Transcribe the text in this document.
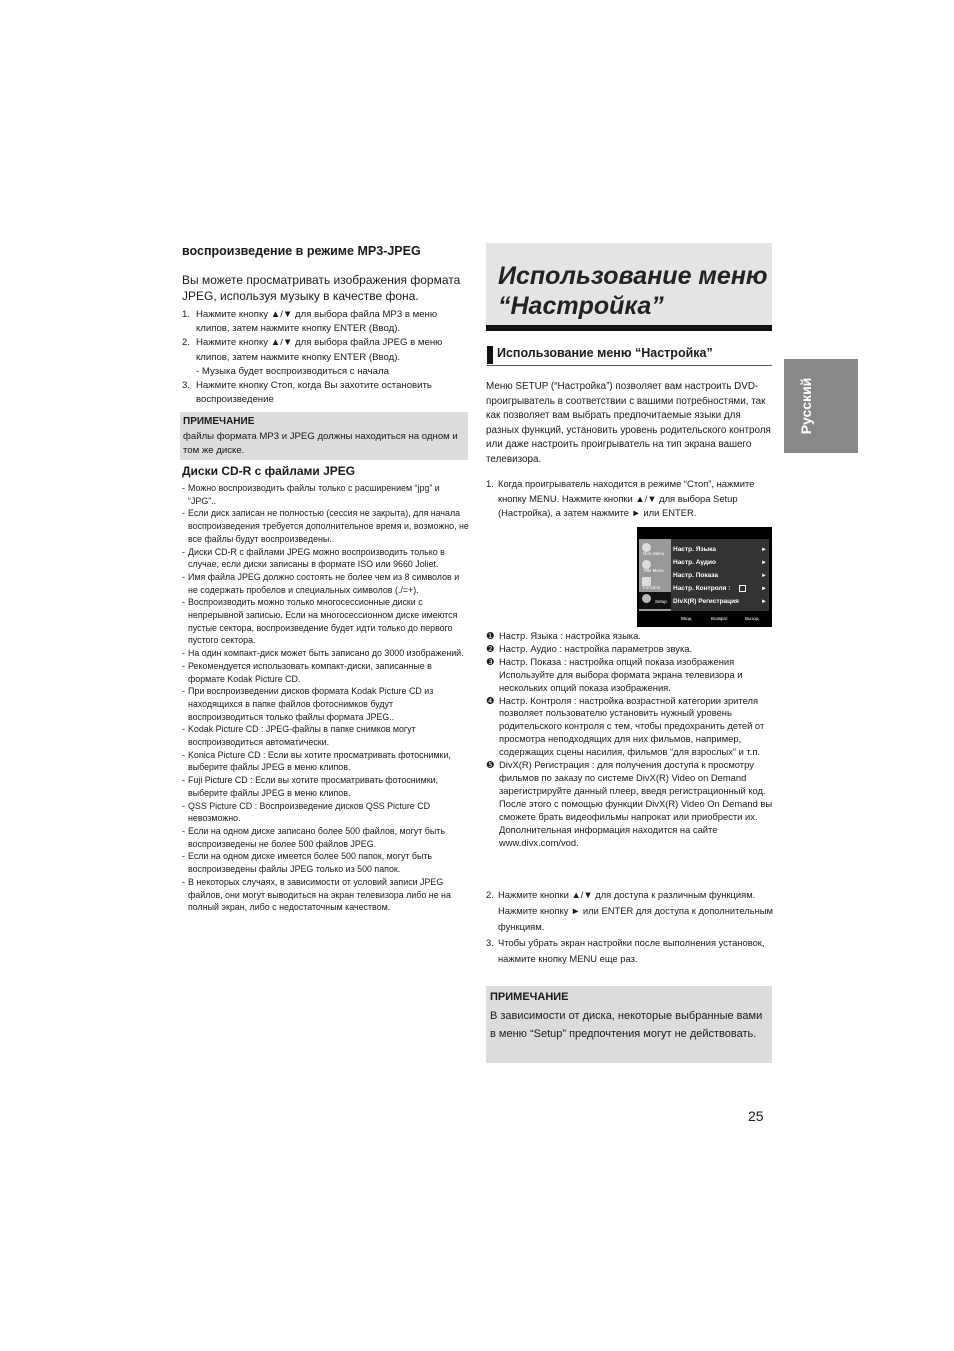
воспроизведение в режиме MP3-JPEG
Вы можете просматривать изображения формата JPEG, используя музыку в качестве фона.
1. Нажмите кнопку ▲/▼ для выбора файла MP3 в меню клипов, затем нажмите кнопку ENTER (Ввод).
2. Нажмите кнопку ▲/▼ для выбора файла JPEG в меню клипов, затем нажмите кнопку ENTER (Ввод).
- Музыка будет воспроизводиться с начала
3. Нажмите кнопку Стоп, когда Вы захотите остановить воспроизведение
ПРИМЕЧАНИЕ
файлы формата MP3 и JPEG должны находиться на одном и том же диске.
Диски CD-R с файлами JPEG
- Можно воспроизводить файлы только с расширением “jpg” и “JPG”..
- Если диск записан не полностью (сессия не закрыта), для начала воспроизведения требуется дополнительное время и, возможно, не все файлы будут воспроизведены..
- Диски CD-R с файлами JPEG можно воспроизводить только в случае, если диски записаны в формате ISO или 9660 Joliet.
- Имя файла JPEG должно состоять не более чем из 8 символов и не содержать пробелов и специальных символов (./=+).
- Воспроизводить можно только многосессионные диски с непрерывной записью. Если на многосессионном диске имеются пустые сектора, воспроизведение будет идти только до первого пустого сектора.
- На один компакт-диск может быть записано до 3000 изображений.
- Рекомендуется использовать компакт-диски, записанные в формате Kodak Picture CD.
- При воспроизведении дисков формата Kodak Picture CD из находящихся в папке файлов фотоснимков будут воспроизводиться только файлы формата JPEG..
- Kodak Picture CD : JPEG-файлы в папке снимков могут воспроизводиться автоматически.
- Konica Picture CD : Если вы хотите просматривать фотоснимки, выберите файлы JPEG в меню клипов.
- Fuji Picture CD : Если вы хотите просматривать фотоснимки, выберите файлы JPEG в меню клипов.
- QSS Picture CD : Воспроизведение дисков QSS Picture CD невозможно.
- Если на одном диске записано более 500 файлов, могут быть воспроизведены не более 500 файлов JPEG.
- Если на одном диске имеется более 500 папок, могут быть воспроизведены файлы JPEG только из 500 папок.
- В некоторых случаях, в зависимости от условий записи JPEG файлов, они могут выводиться на экран телевизора либо не на полный экран, либо с недостаточным качеством.
Использование меню
“Настройка”
Использование меню “Настройка”
Меню SETUP (“Настройка”) позволяет вам настроить DVD-проигрыватель в соответствии с вашими потребностями, так как позволяет вам выбрать предпочитаемые языки для разных функций, установить уровень родительского контроля или даже настроить проигрыватель на тип экрана вашего телевизора.
1. Когда проигрыватель находится в режиме “Стоп”, нажмите кнопку MENU. Нажмите кнопки ▲/▼ для выбора Setup (Настройка), а затем нажмите ► или ENTER.
Disc Menu
Title Menu
Function
Setup
Настр. Языка	►
Настр. Аудио	►
Настр. Показа	►
Настр. Контроля :	►
DivX(R) Регистрация	►
Ввод	Возврат	Выход
❶ Настр. Языка : настройка языка.
❷ Настр. Аудио : настройка параметров звука.
❸ Настр. Показа : настройка опций показа изображения Используйте для выбора формата экрана телевизора и нескольких опций показа изображения.
❹ Настр. Контроля : настройка возрастной категории зрителя позволяет пользователю установить нужный уровень родительского контроля с тем, чтобы предохранить детей от просмотра неподходящих для них фильмов, например, содержащих сцены насилия, фильмов “для взрослых” и т.п.
❺ DivX(R) Регистрация : для получения доступа к просмотру фильмов по заказу по системе DivX(R) Video on Demand зарегистрируйте данный плеер, введя регистрационный код. После этого с помощью функции DivX(R) Video On Demand вы сможете брать видеофильмы напрокат или приобрести их. Дополнительная информация находится на сайте www.divx.com/vod.
2. Нажмите кнопки ▲/▼ для доступа к различным функциям. Нажмите кнопку ► или ENTER для доступа к дополнительным функциям.
3. Чтобы убрать экран настройки после выполнения установок, нажмите кнопку MENU еще раз.
ПРИМЕЧАНИЕ
В зависимости от диска, некоторые выбранные вами в меню “Setup” предпочтения могут не действовать.
Русский
25
